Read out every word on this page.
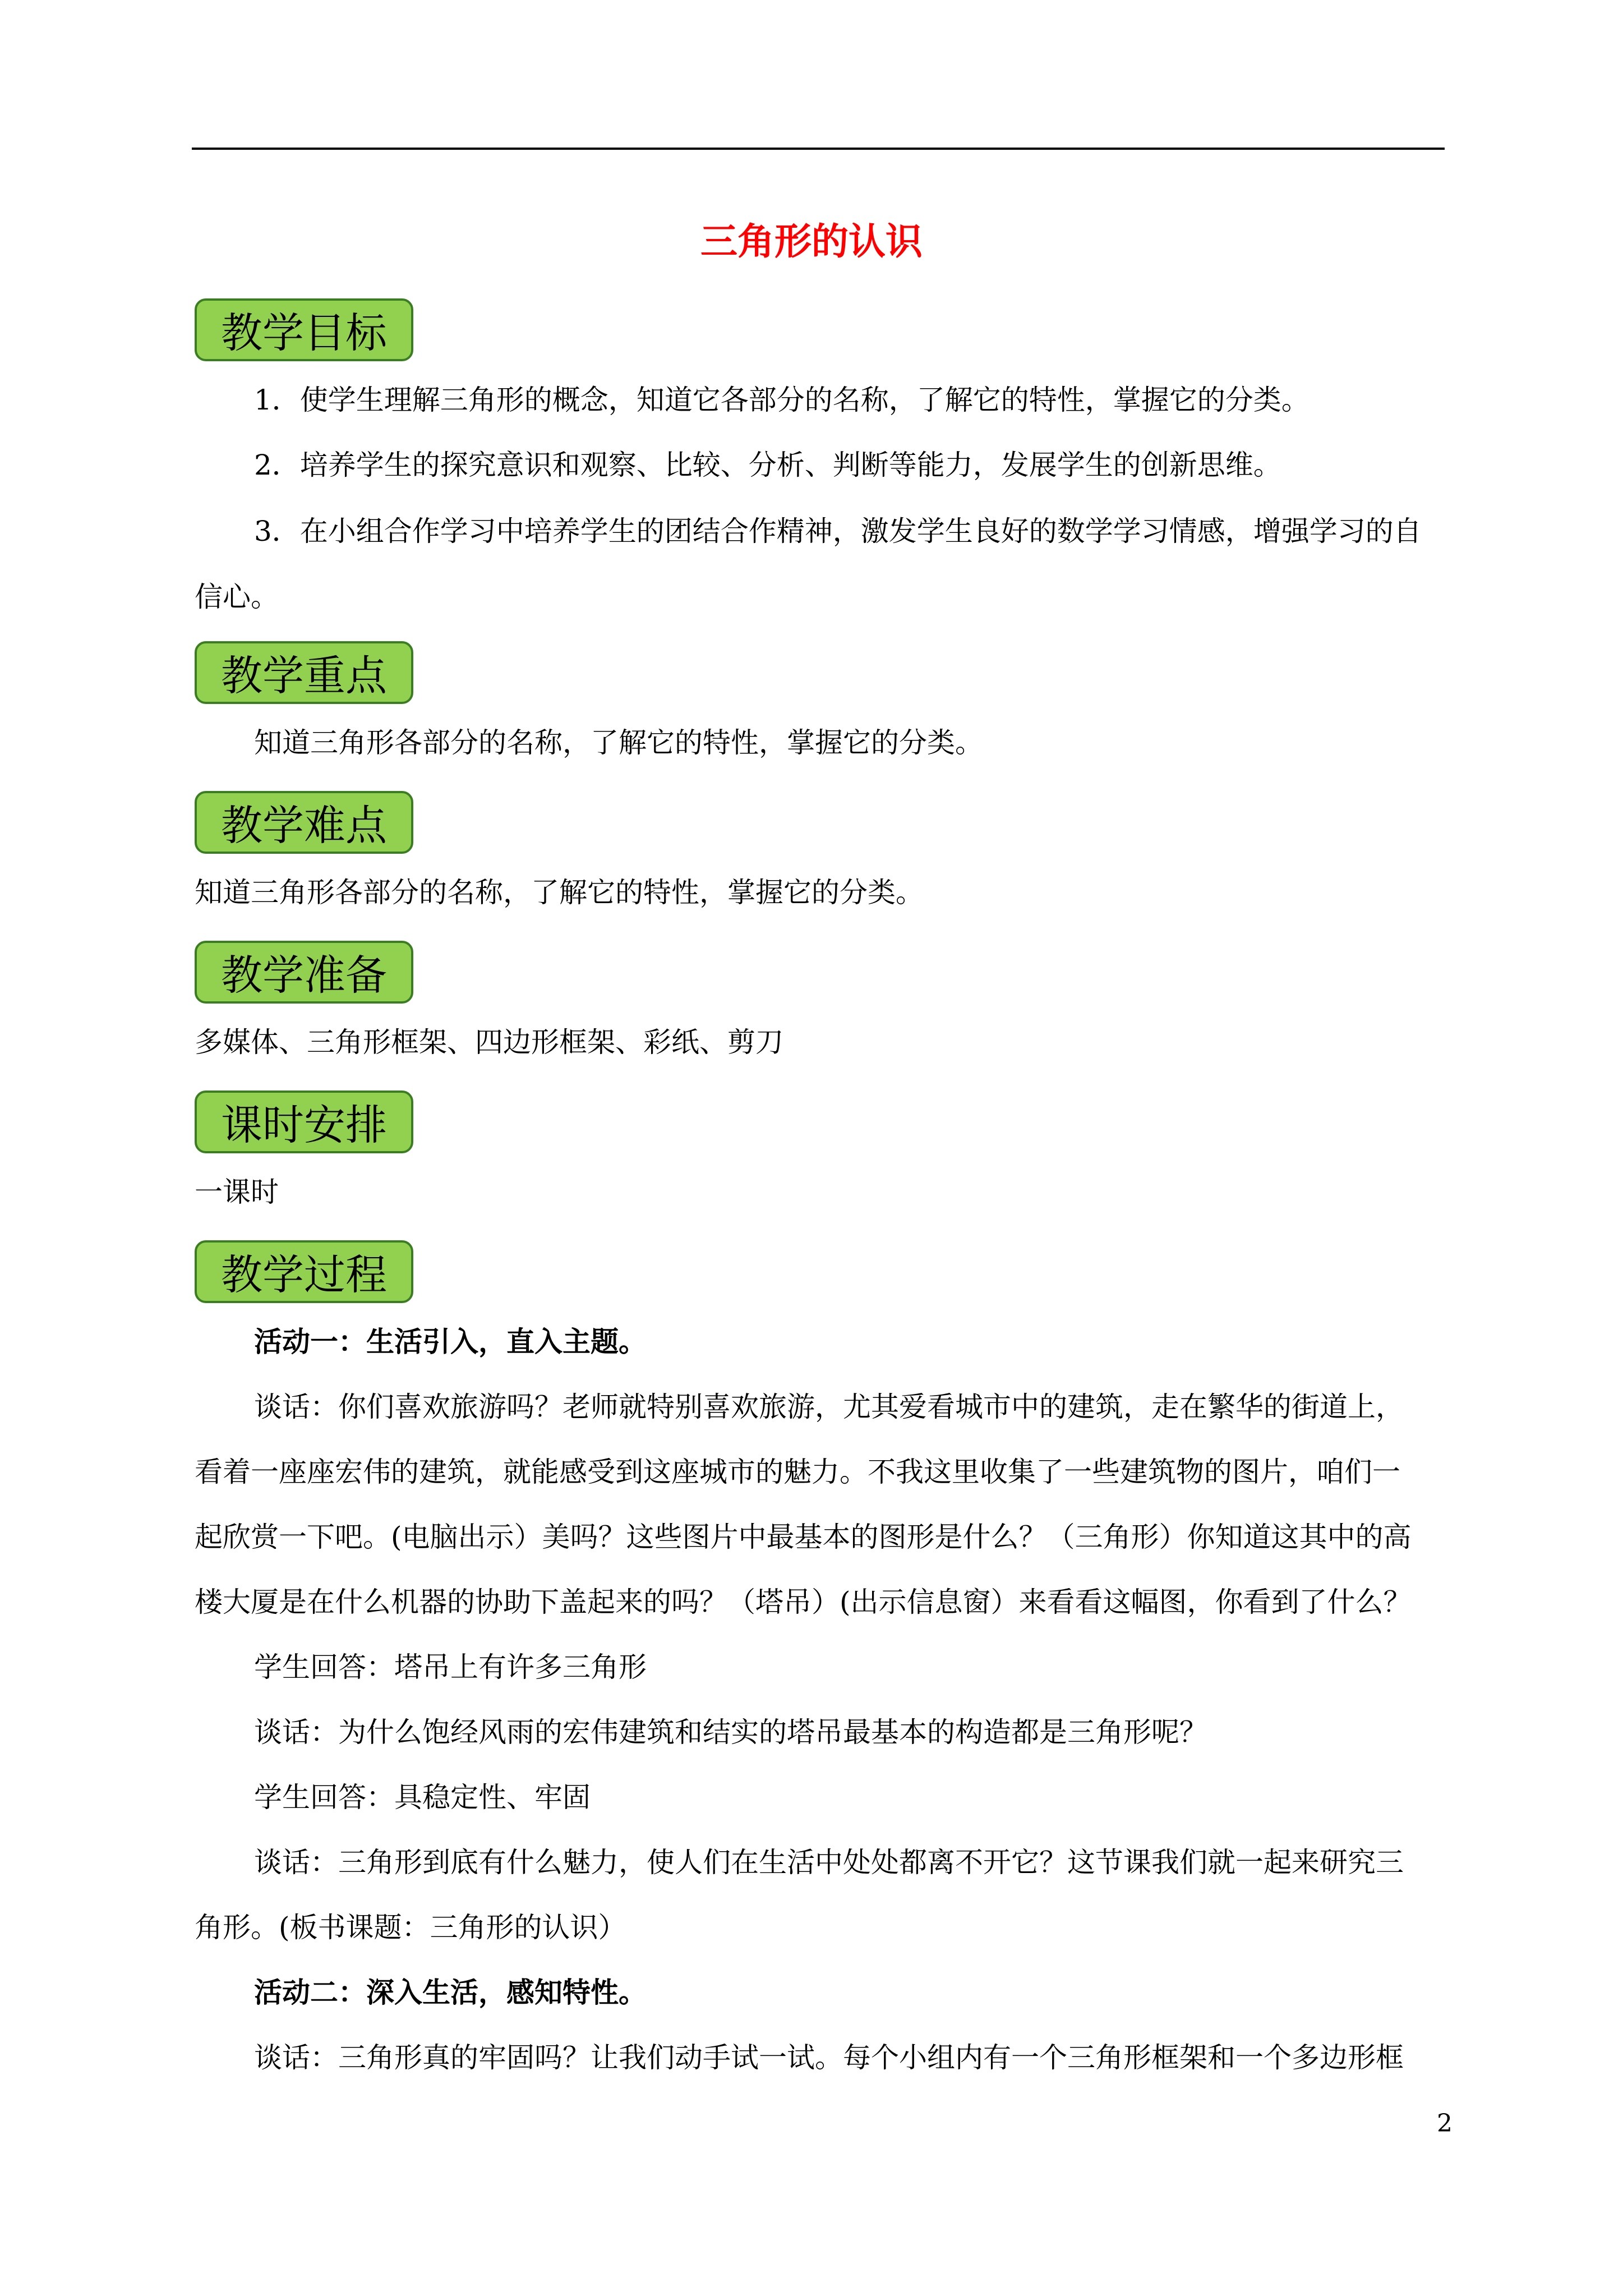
三角形的认识
教学目标
1．使学生理解三角形的概念，知道它各部分的名称，了解它的特性，掌握它的分类。
2．培养学生的探究意识和观察、比较、分析、判断等能力，发展学生的创新思维。
3．在小组合作学习中培养学生的团结合作精神，激发学生良好的数学学习情感，增强学习的自
信心。
教学重点
知道三角形各部分的名称，了解它的特性，掌握它的分类。
教学难点
知道三角形各部分的名称，了解它的特性，掌握它的分类。
教学准备
多媒体、三角形框架、四边形框架、彩纸、剪刀
课时安排
一课时
教学过程
活动一：生活引入，直入主题。
谈话：你们喜欢旅游吗？老师就特别喜欢旅游，尤其爱看城市中的建筑，走在繁华的街道上，
看着一座座宏伟的建筑，就能感受到这座城市的魅力。不我这里收集了一些建筑物的图片，咱们一
起欣赏一下吧。(电脑出示）美吗？这些图片中最基本的图形是什么？（三角形）你知道这其中的高
楼大厦是在什么机器的协助下盖起来的吗？（塔吊）(出示信息窗）来看看这幅图，你看到了什么？
学生回答：塔吊上有许多三角形
谈话：为什么饱经风雨的宏伟建筑和结实的塔吊最基本的构造都是三角形呢？
学生回答：具稳定性、牢固
谈话：三角形到底有什么魅力，使人们在生活中处处都离不开它？这节课我们就一起来研究三
角形。(板书课题：三角形的认识）
活动二：深入生活，感知特性。
谈话：三角形真的牢固吗？让我们动手试一试。每个小组内有一个三角形框架和一个多边形框
2
